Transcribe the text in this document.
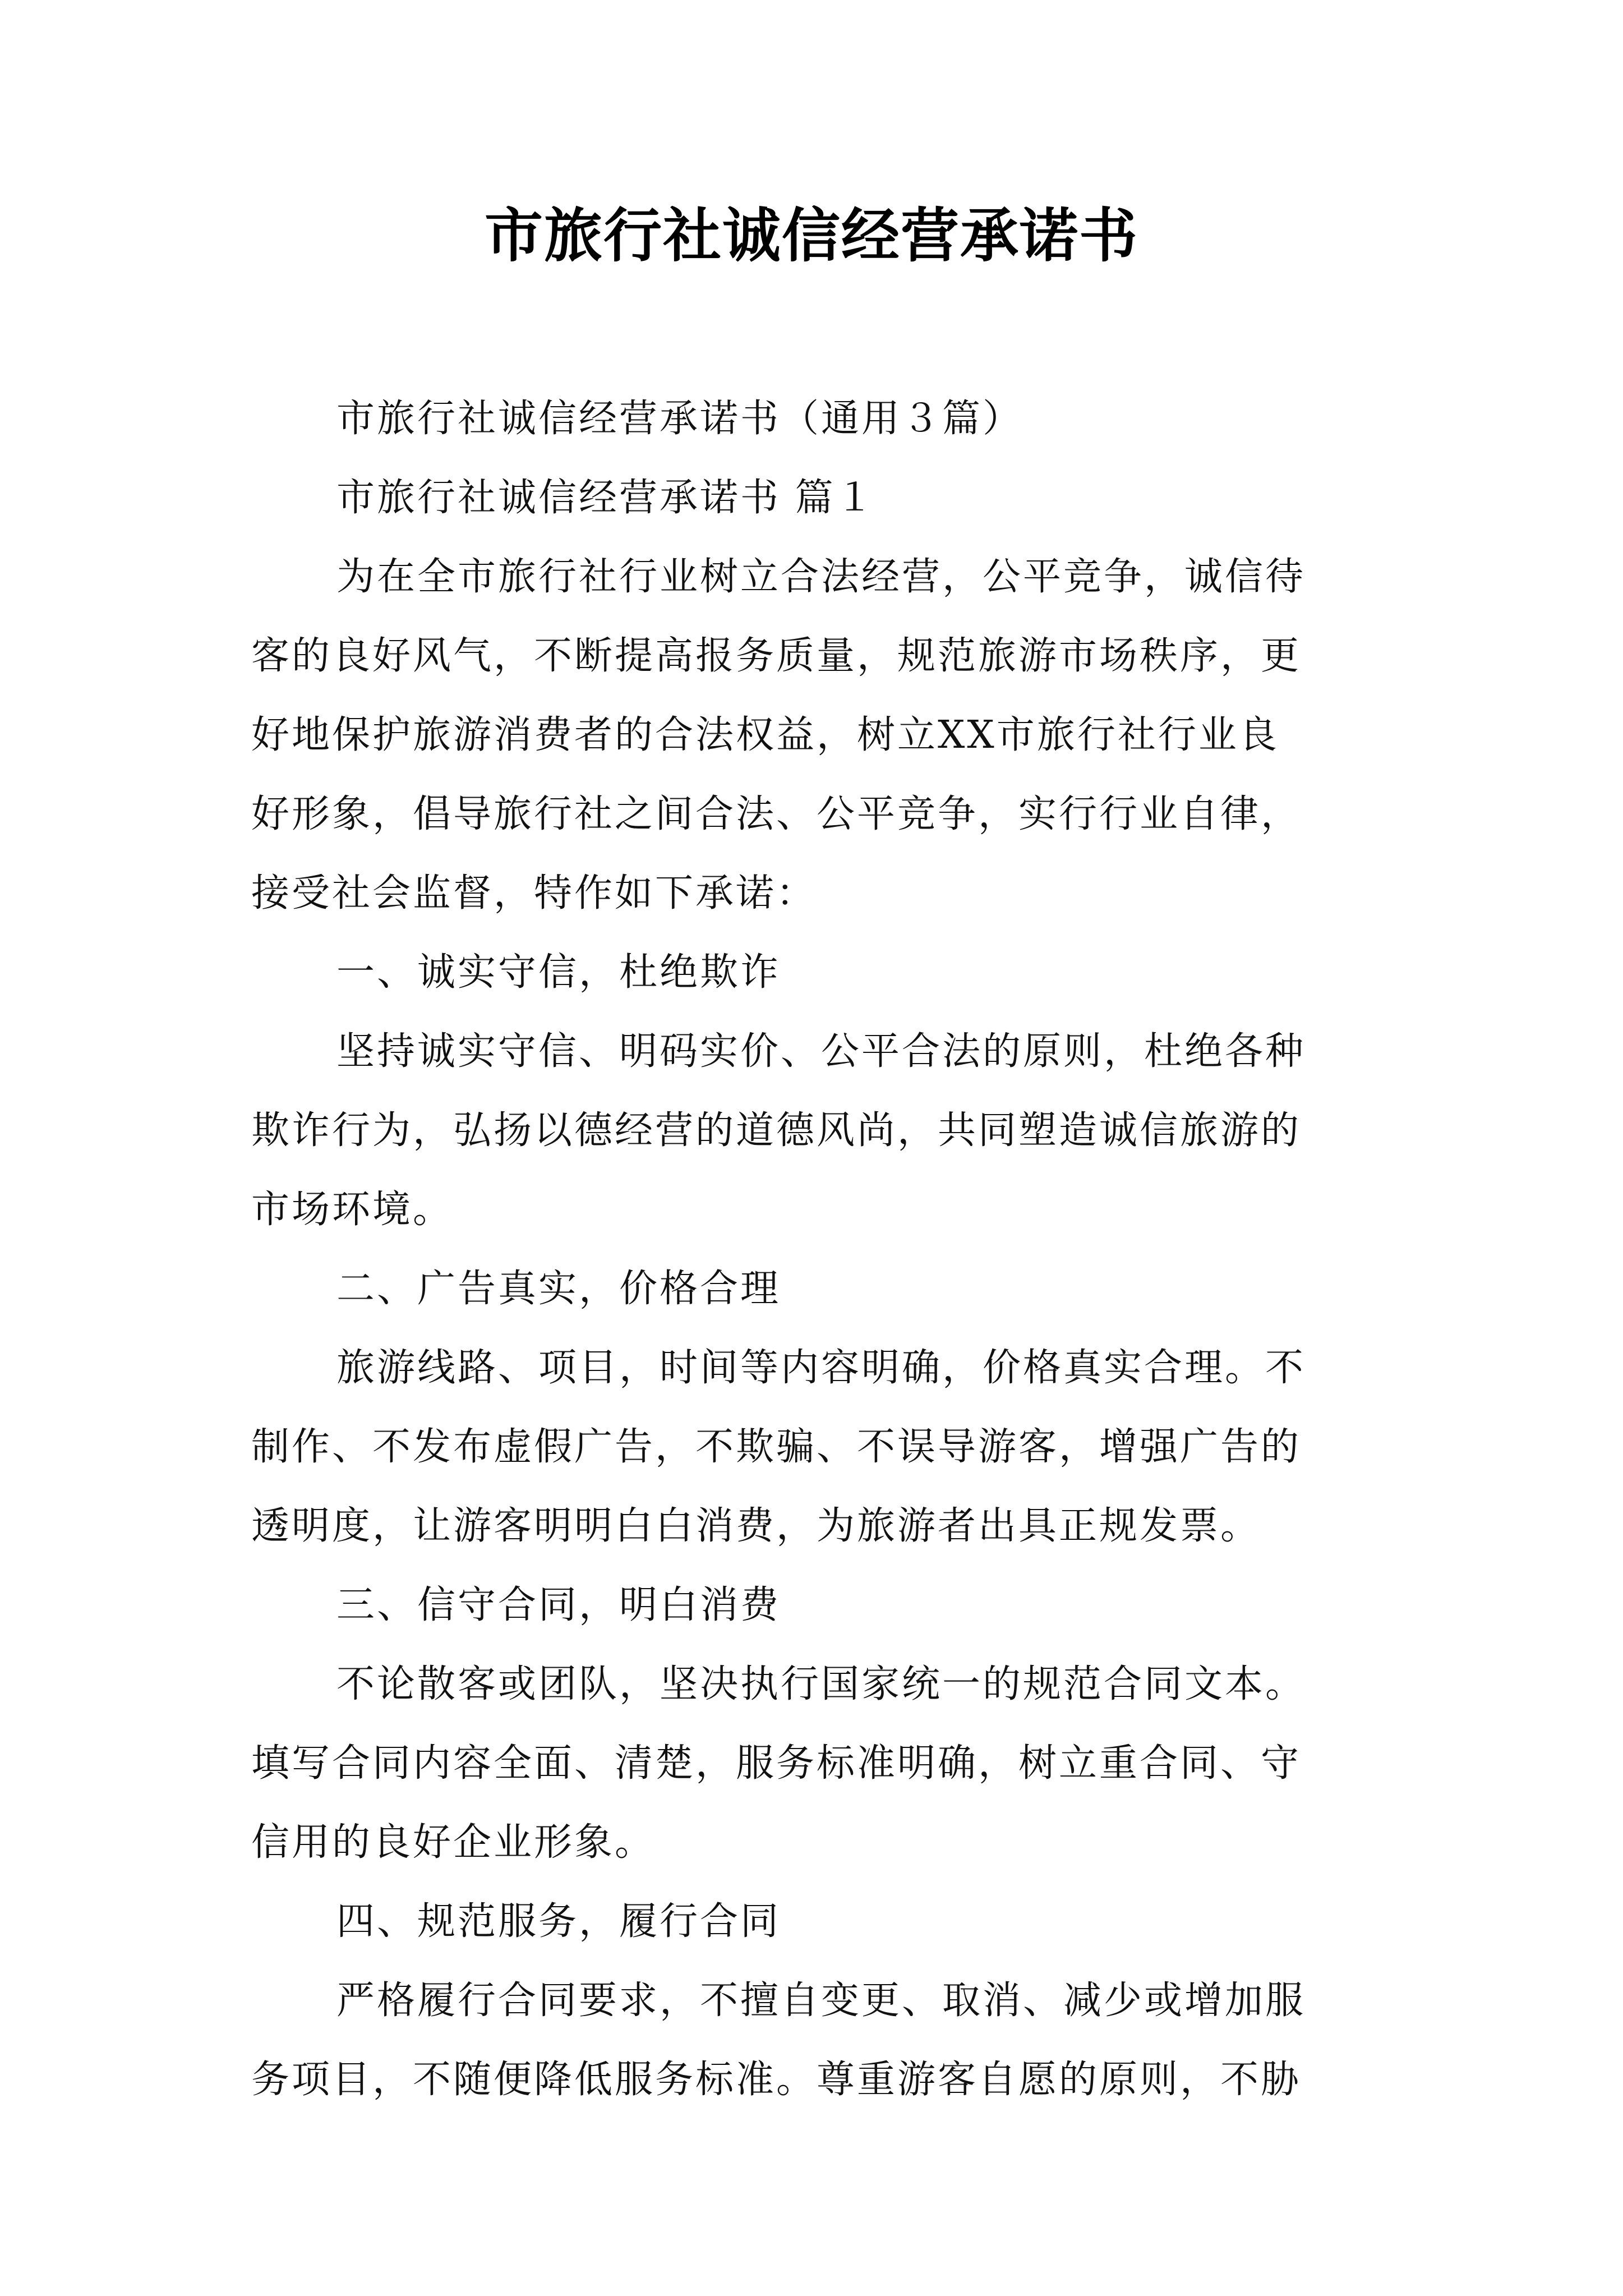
市旅行社诚信经营承诺书
市旅行社诚信经营承诺书（通用３篇）
市旅行社诚信经营承诺书 篇１
为在全市旅行社行业树立合法经营，公平竞争，诚信待
客的良好风气，不断提高报务质量，规范旅游市场秩序，更
好地保护旅游消费者的合法权益，树立XX市旅行社行业良
好形象，倡导旅行社之间合法、公平竞争，实行行业自律，
接受社会监督，特作如下承诺：
一、诚实守信，杜绝欺诈
坚持诚实守信、明码实价、公平合法的原则，杜绝各种
欺诈行为，弘扬以德经营的道德风尚，共同塑造诚信旅游的
市场环境。
二、广告真实，价格合理
旅游线路、项目，时间等内容明确，价格真实合理。不
制作、不发布虚假广告，不欺骗、不误导游客，增强广告的
透明度，让游客明明白白消费，为旅游者出具正规发票。
三、信守合同，明白消费
不论散客或团队，坚决执行国家统一的规范合同文本。
填写合同内容全面、清楚，服务标准明确，树立重合同、守
信用的良好企业形象。
四、规范服务，履行合同
严格履行合同要求，不擅自变更、取消、减少或增加服
务项目，不随便降低服务标准。尊重游客自愿的原则，不胁
